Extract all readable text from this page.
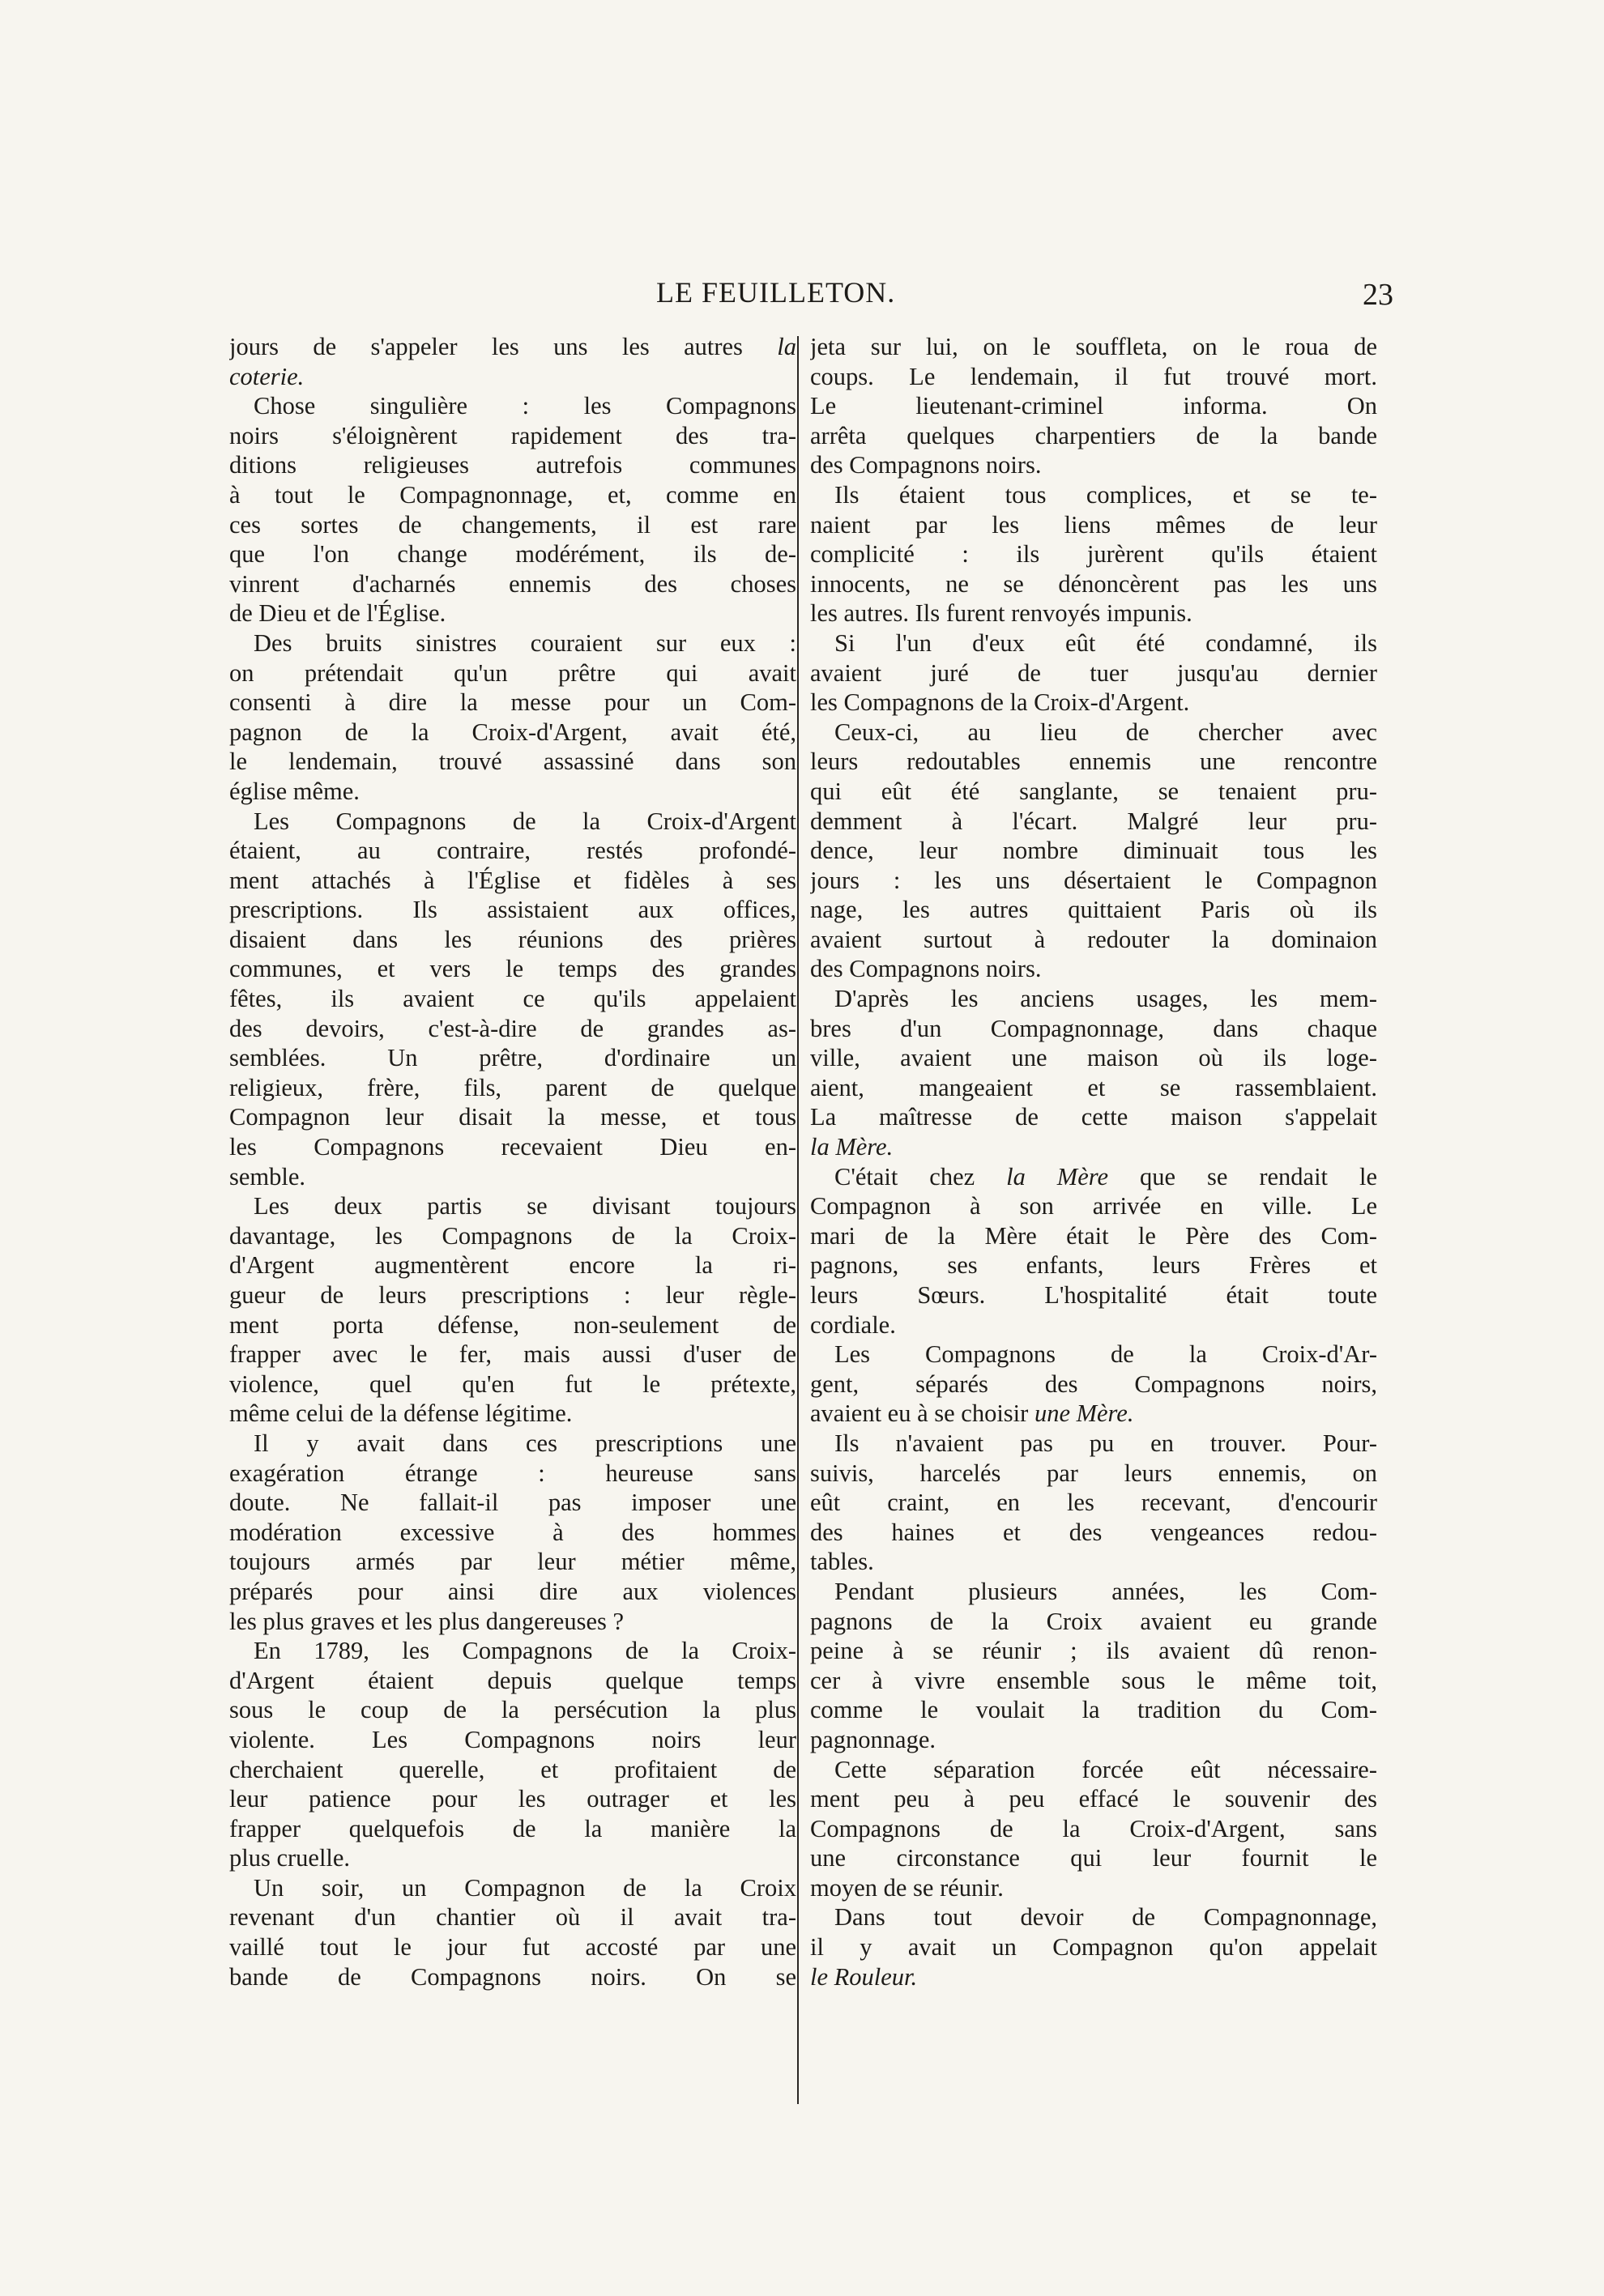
LE FEUILLETON.	23
jours de s'appeler les uns les autres la
coterie.
Chose singulière : les Compagnons
noirs s'éloignèrent rapidement des tra-
ditions religieuses autrefois communes
à tout le Compagnonnage, et, comme en
ces sortes de changements, il est rare
que l'on change modérément, ils de-
vinrent d'acharnés ennemis des choses
de Dieu et de l'Église.
Des bruits sinistres couraient sur eux :
on prétendait qu'un prêtre qui avait
consenti à dire la messe pour un Com-
pagnon de la Croix-d'Argent, avait été,
le lendemain, trouvé assassiné dans son
église même.
Les Compagnons de la Croix-d'Argent
étaient, au contraire, restés profondé-
ment attachés à l'Église et fidèles à ses
prescriptions. Ils assistaient aux offices,
disaient dans les réunions des prières
communes, et vers le temps des grandes
fêtes, ils avaient ce qu'ils appelaient
des devoirs, c'est-à-dire de grandes as-
semblées. Un prêtre, d'ordinaire un
religieux, frère, fils, parent de quelque
Compagnon leur disait la messe, et tous
les Compagnons recevaient Dieu en-
semble.
Les deux partis se divisant toujours
davantage, les Compagnons de la Croix-
d'Argent augmentèrent encore la ri-
gueur de leurs prescriptions : leur règle-
ment porta défense, non-seulement de
frapper avec le fer, mais aussi d'user de
violence, quel qu'en fut le prétexte,
même celui de la défense légitime.
Il y avait dans ces prescriptions une
exagération étrange : heureuse sans
doute. Ne fallait-il pas imposer une
modération excessive à des hommes
toujours armés par leur métier même,
préparés pour ainsi dire aux violences
les plus graves et les plus dangereuses ?
En 1789, les Compagnons de la Croix-
d'Argent étaient depuis quelque temps
sous le coup de la persécution la plus
violente. Les Compagnons noirs leur
cherchaient querelle, et profitaient de
leur patience pour les outrager et les
frapper quelquefois de la manière la
plus cruelle.
Un soir, un Compagnon de la Croix
revenant d'un chantier où il avait tra-
vaillé tout le jour fut accosté par une
bande de Compagnons noirs. On se
jeta sur lui, on le souffleta, on le roua de
coups. Le lendemain, il fut trouvé mort.
Le lieutenant-criminel informa. On
arrêta quelques charpentiers de la bande
des Compagnons noirs.
Ils étaient tous complices, et se te-
naient par les liens mêmes de leur
complicité : ils jurèrent qu'ils étaient
innocents, ne se dénoncèrent pas les uns
les autres. Ils furent renvoyés impunis.
Si l'un d'eux eût été condamné, ils
avaient juré de tuer jusqu'au dernier
les Compagnons de la Croix-d'Argent.
Ceux-ci, au lieu de chercher avec
leurs redoutables ennemis une rencontre
qui eût été sanglante, se tenaient pru-
demment à l'écart. Malgré leur pru-
dence, leur nombre diminuait tous les
jours : les uns désertaient le Compagnon
nage, les autres quittaient Paris où ils
avaient surtout à redouter la dominaion
des Compagnons noirs.
D'après les anciens usages, les mem-
bres d'un Compagnonnage, dans chaque
ville, avaient une maison où ils loge-
aient, mangeaient et se rassemblaient.
La maîtresse de cette maison s'appelait
la Mère.
C'était chez la Mère que se rendait le
Compagnon à son arrivée en ville. Le
mari de la Mère était le Père des Com-
pagnons, ses enfants, leurs Frères et
leurs Sœurs. L'hospitalité était toute
cordiale.
Les Compagnons de la Croix-d'Ar-
gent, séparés des Compagnons noirs,
avaient eu à se choisir une Mère.
Ils n'avaient pas pu en trouver. Pour-
suivis, harcelés par leurs ennemis, on
eût craint, en les recevant, d'encourir
des haines et des vengeances redou-
tables.
Pendant plusieurs années, les Com-
pagnons de la Croix avaient eu grande
peine à se réunir ; ils avaient dû renon-
cer à vivre ensemble sous le même toit,
comme le voulait la tradition du Com-
pagnonnage.
Cette séparation forcée eût nécessaire-
ment peu à peu effacé le souvenir des
Compagnons de la Croix-d'Argent, sans
une circonstance qui leur fournit le
moyen de se réunir.
Dans tout devoir de Compagnonnage,
il y avait un Compagnon qu'on appelait
le Rouleur.
